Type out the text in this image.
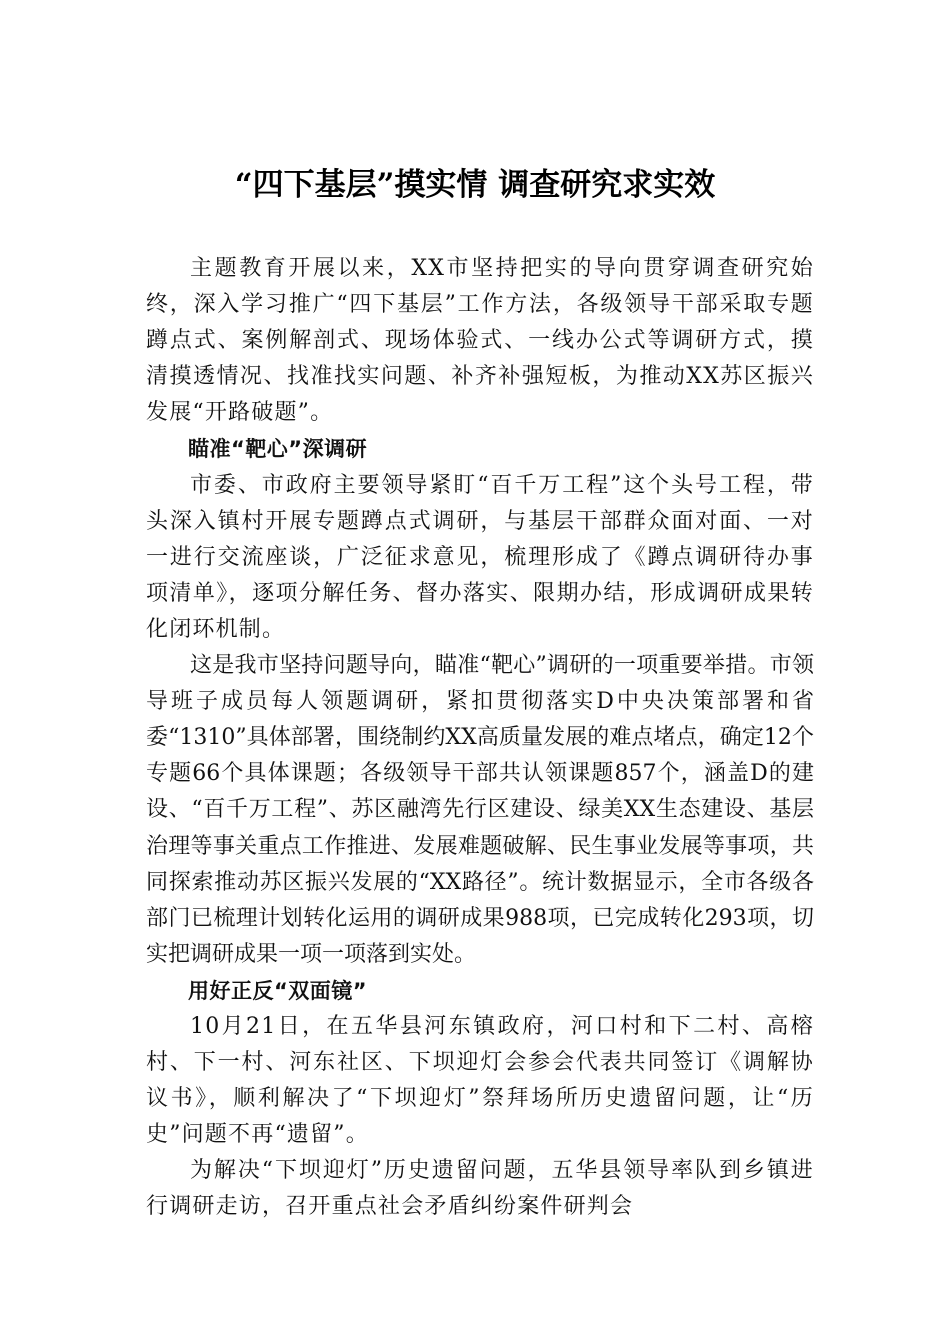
“四下基层”摸实情 调查研究求实效

主题教育开展以来，XX市坚持把实的导向贯穿调查研究始终，深入学习推广“四下基层”工作方法，各级领导干部采取专题蹲点式、案例解剖式、现场体验式、一线办公式等调研方式，摸清摸透情况、找准找实问题、补齐补强短板，为推动XX苏区振兴发展“开路破题”。

瞄准“靶心”深调研

市委、市政府主要领导紧盯“百千万工程”这个头号工程，带头深入镇村开展专题蹲点式调研，与基层干部群众面对面、一对一进行交流座谈，广泛征求意见，梳理形成了《蹲点调研待办事项清单》，逐项分解任务、督办落实、限期办结，形成调研成果转化闭环机制。

这是我市坚持问题导向，瞄准“靶心”调研的一项重要举措。市领导班子成员每人领题调研，紧扣贯彻落实D中央决策部署和省委“1310”具体部署，围绕制约XX高质量发展的难点堵点，确定12个专题66个具体课题；各级领导干部共认领课题857个，涵盖D的建设、“百千万工程”、苏区融湾先行区建设、绿美XX生态建设、基层治理等事关重点工作推进、发展难题破解、民生事业发展等事项，共同探索推动苏区振兴发展的“XX路径”。统计数据显示，全市各级各部门已梳理计划转化运用的调研成果988项，已完成转化293项，切实把调研成果一项一项落到实处。

用好正反“双面镜”

10月21日，在五华县河东镇政府，河口村和下二村、高榕村、下一村、河东社区、下坝迎灯会参会代表共同签订《调解协议书》，顺利解决了“下坝迎灯”祭拜场所历史遗留问题，让“历史”问题不再“遗留”。

为解决“下坝迎灯”历史遗留问题，五华县领导率队到乡镇进行调研走访，召开重点社会矛盾纠纷案件研判会
